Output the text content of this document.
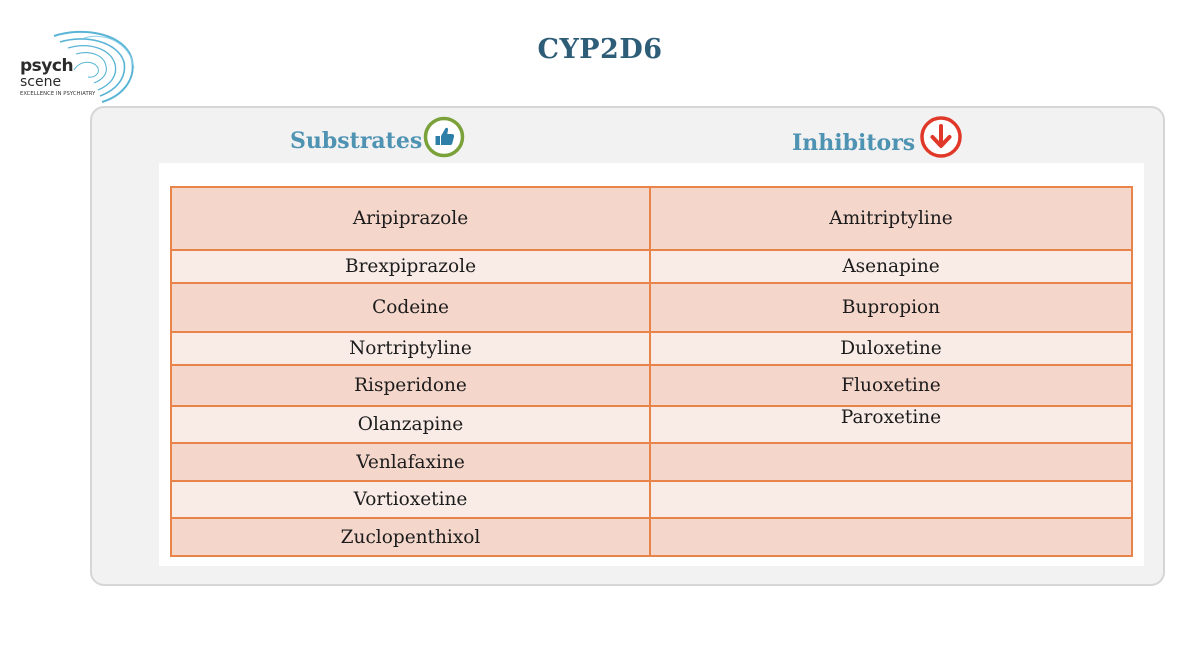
psych
scene
EXCELLENCE IN PSYCHIATRY
CYP2D6
Substrates	Inhibitors
Aripiprazole	Amitriptyline
Brexpiprazole	Asenapine
Codeine	Bupropion
Nortriptyline	Duloxetine
Risperidone	Fluoxetine
Olanzapine	Paroxetine
Venlafaxine	
Vortioxetine	
Zuclopenthixol	
